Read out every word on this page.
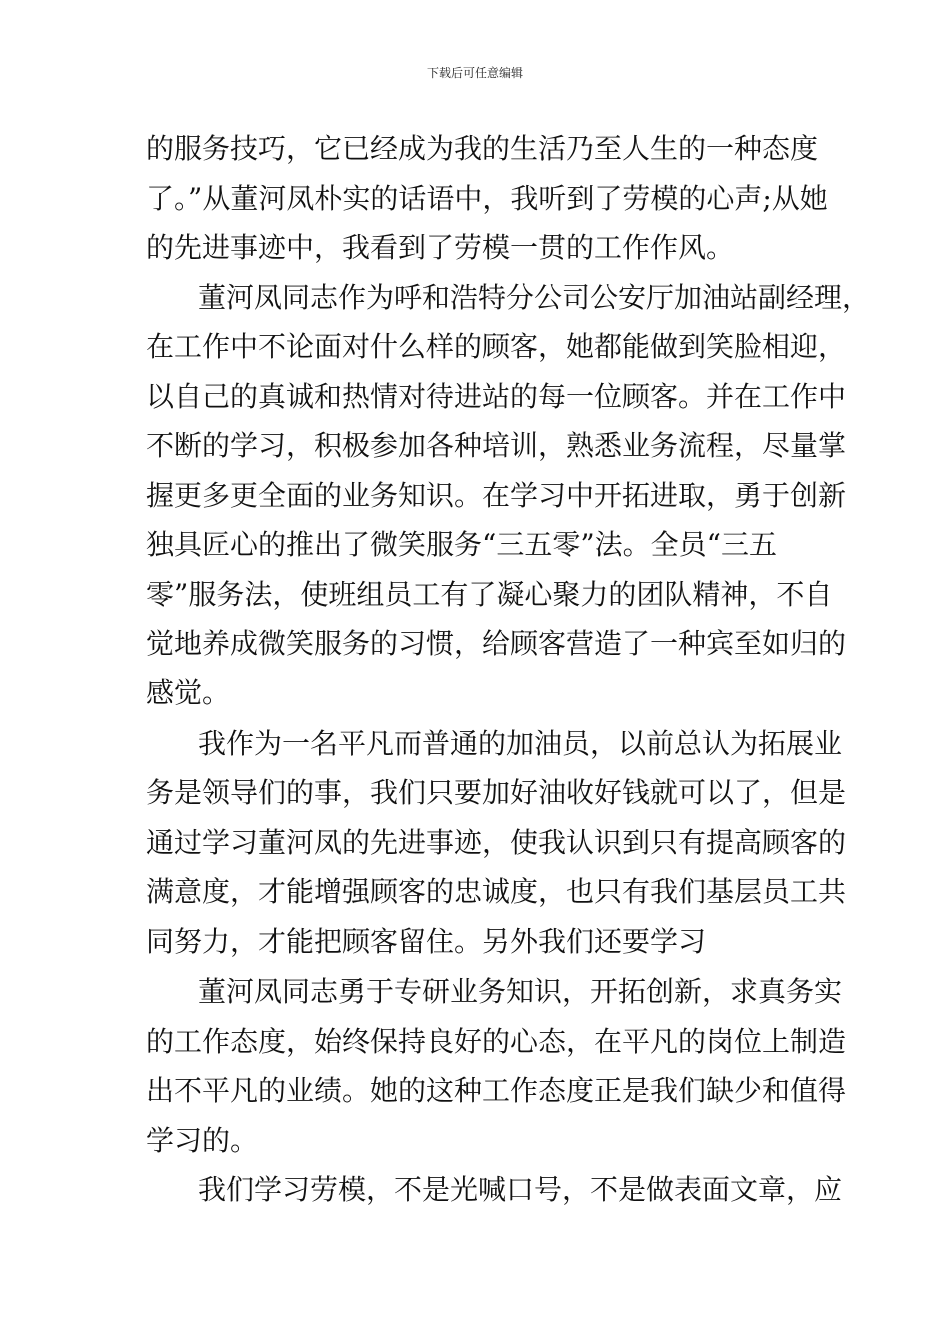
下载后可任意编辑
的服务技巧，它已经成为我的生活乃至人生的一种态度
了。”从董河凤朴实的话语中，我听到了劳模的心声;从她
的先进事迹中，我看到了劳模一贯的工作作风。
董河凤同志作为呼和浩特分公司公安厅加油站副经理，
在工作中不论面对什么样的顾客，她都能做到笑脸相迎，
以自己的真诚和热情对待进站的每一位顾客。并在工作中
不断的学习，积极参加各种培训，熟悉业务流程，尽量掌
握更多更全面的业务知识。在学习中开拓进取，勇于创新
独具匠心的推出了微笑服务“三五零”法。全员“三五
零”服务法，使班组员工有了凝心聚力的团队精神，不自
觉地养成微笑服务的习惯，给顾客营造了一种宾至如归的
感觉。
我作为一名平凡而普通的加油员，以前总认为拓展业
务是领导们的事，我们只要加好油收好钱就可以了，但是
通过学习董河凤的先进事迹，使我认识到只有提高顾客的
满意度，才能增强顾客的忠诚度，也只有我们基层员工共
同努力，才能把顾客留住。另外我们还要学习
董河凤同志勇于专研业务知识，开拓创新，求真务实
的工作态度，始终保持良好的心态，在平凡的岗位上制造
出不平凡的业绩。她的这种工作态度正是我们缺少和值得
学习的。
我们学习劳模，不是光喊口号，不是做表面文章，应
